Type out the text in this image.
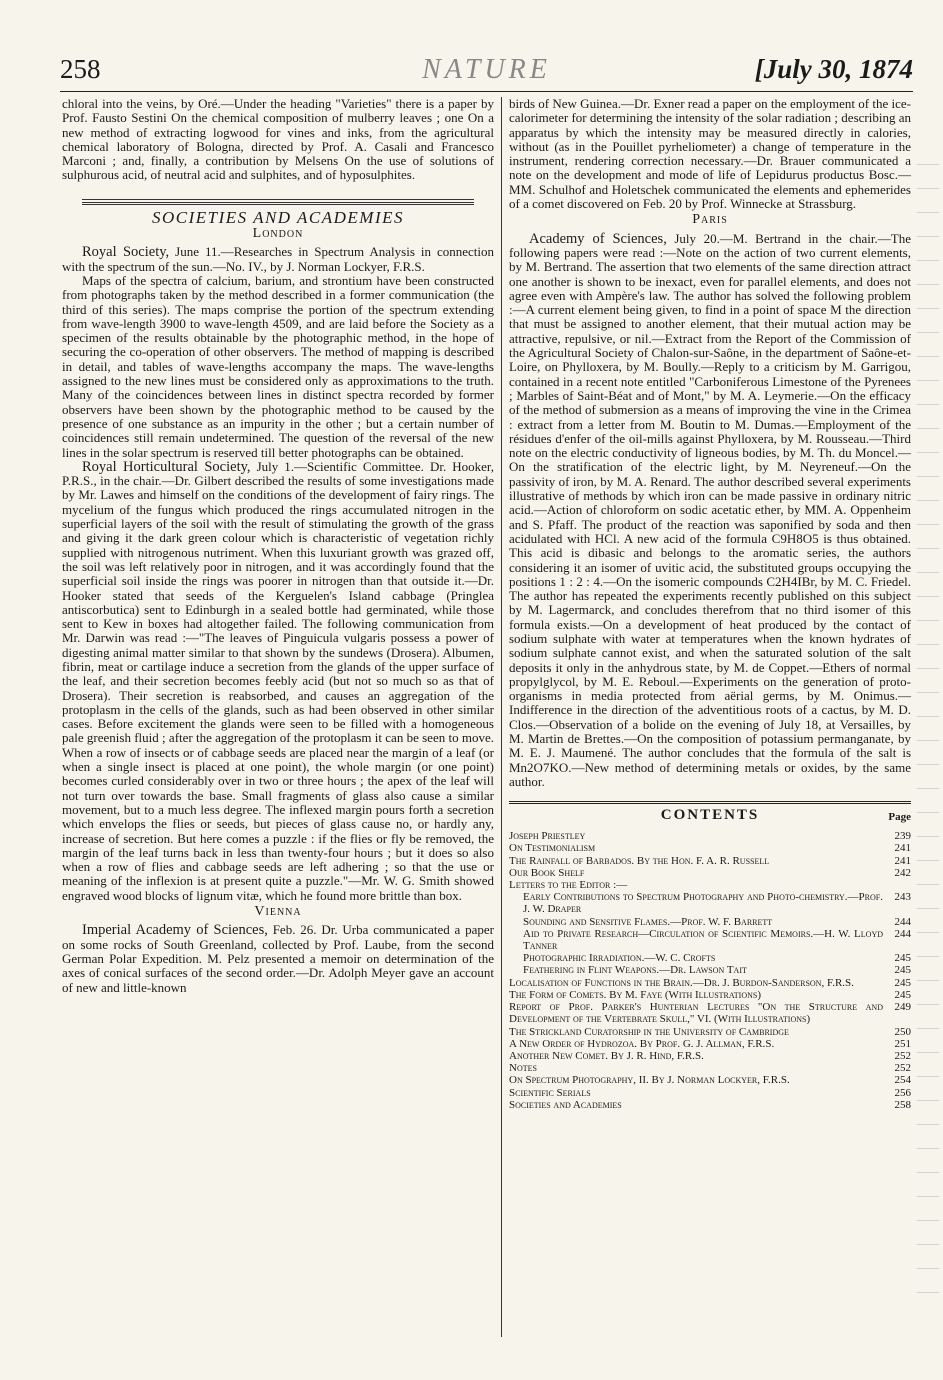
258	NATURE	[July 30, 1874

chloral into the veins, by Oré.—Under the heading "Varieties" there is a paper by Prof. Fausto Sestini On the chemical composition of mulberry leaves ; one On a new method of extracting logwood for vines and inks, from the agricultural chemical laboratory of Bologna, directed by Prof. A. Casali and Francesco Marconi ; and, finally, a contribution by Melsens On the use of solutions of sulphurous acid, of neutral acid and sulphites, and of hyposulphites.

SOCIETIES AND ACADEMIES
London

Royal Society, June 11.—Researches in Spectrum Analysis in connection with the spectrum of the sun.—No. IV., by J. Norman Lockyer, F.R.S.

Maps of the spectra of calcium, barium, and strontium have been constructed from photographs taken by the method described in a former communication (the third of this series). The maps comprise the portion of the spectrum extending from wave-length 3900 to wave-length 4509, and are laid before the Society as a specimen of the results obtainable by the photographic method, in the hope of securing the co-operation of other observers. The method of mapping is described in detail, and tables of wave-lengths accompany the maps. The wave-lengths assigned to the new lines must be considered only as approximations to the truth. Many of the coincidences between lines in distinct spectra recorded by former observers have been shown by the photographic method to be caused by the presence of one substance as an impurity in the other ; but a certain number of coincidences still remain undetermined. The question of the reversal of the new lines in the solar spectrum is reserved till better photographs can be obtained.

Royal Horticultural Society, July 1.—Scientific Committee. Dr. Hooker, P.R.S., in the chair.—Dr. Gilbert described the results of some investigations made by Mr. Lawes and himself on the conditions of the development of fairy rings. The mycelium of the fungus which produced the rings accumulated nitrogen in the superficial layers of the soil with the result of stimulating the growth of the grass and giving it the dark green colour which is characteristic of vegetation richly supplied with nitrogenous nutriment. When this luxuriant growth was grazed off, the soil was left relatively poor in nitrogen, and it was accordingly found that the superficial soil inside the rings was poorer in nitrogen than that outside it.—Dr. Hooker stated that seeds of the Kerguelen's Island cabbage (Pringlea antiscorbutica) sent to Edinburgh in a sealed bottle had germinated, while those sent to Kew in boxes had altogether failed. The following communication from Mr. Darwin was read :—"The leaves of Pinguicula vulgaris possess a power of digesting animal matter similar to that shown by the sundews (Drosera). Albumen, fibrin, meat or cartilage induce a secretion from the glands of the upper surface of the leaf, and their secretion becomes feebly acid (but not so much so as that of Drosera). Their secretion is reabsorbed, and causes an aggregation of the protoplasm in the cells of the glands, such as had been observed in other similar cases. Before excitement the glands were seen to be filled with a homogeneous pale greenish fluid ; after the aggregation of the protoplasm it can be seen to move. When a row of insects or of cabbage seeds are placed near the margin of a leaf (or when a single insect is placed at one point), the whole margin (or one point) becomes curled considerably over in two or three hours ; the apex of the leaf will not turn over towards the base. Small fragments of glass also cause a similar movement, but to a much less degree. The inflexed margin pours forth a secretion which envelops the flies or seeds, but pieces of glass cause no, or hardly any, increase of secretion. But here comes a puzzle : if the flies or fly be removed, the margin of the leaf turns back in less than twenty-four hours ; but it does so also when a row of flies and cabbage seeds are left adhering ; so that the use or meaning of the inflexion is at present quite a puzzle."—Mr. W. G. Smith showed engraved wood blocks of lignum vitæ, which he found more brittle than box.

Vienna

Imperial Academy of Sciences, Feb. 26. Dr. Urba communicated a paper on some rocks of South Greenland, collected by Prof. Laube, from the second German Polar Expedition. M. Pelz presented a memoir on determination of the axes of conical surfaces of the second order.—Dr. Adolph Meyer gave an account of new and little-known

birds of New Guinea.—Dr. Exner read a paper on the employment of the ice-calorimeter for determining the intensity of the solar radiation ; describing an apparatus by which the intensity may be measured directly in calories, without (as in the Pouillet pyrheliometer) a change of temperature in the instrument, rendering correction necessary.—Dr. Brauer communicated a note on the development and mode of life of Lepidurus productus Bosc.—MM. Schulhof and Holetschek communicated the elements and ephemerides of a comet discovered on Feb. 20 by Prof. Winnecke at Strassburg.

Paris

Academy of Sciences, July 20.—M. Bertrand in the chair.—The following papers were read :—Note on the action of two current elements, by M. Bertrand. The assertion that two elements of the same direction attract one another is shown to be inexact, even for parallel elements, and does not agree even with Ampère's law. The author has solved the following problem :—A current element being given, to find in a point of space M the direction that must be assigned to another element, that their mutual action may be attractive, repulsive, or nil.—Extract from the Report of the Commission of the Agricultural Society of Chalon-sur-Saône, in the department of Saône-et-Loire, on Phylloxera, by M. Boully.—Reply to a criticism by M. Garrigou, contained in a recent note entitled "Carboniferous Limestone of the Pyrenees ; Marbles of Saint-Béat and of Mont," by M. A. Leymerie.—On the efficacy of the method of submersion as a means of improving the vine in the Crimea : extract from a letter from M. Boutin to M. Dumas.—Employment of the résidues d'enfer of the oil-mills against Phylloxera, by M. Rousseau.—Third note on the electric conductivity of ligneous bodies, by M. Th. du Moncel.—On the stratification of the electric light, by M. Neyreneuf.—On the passivity of iron, by M. A. Renard. The author described several experiments illustrative of methods by which iron can be made passive in ordinary nitric acid.—Action of chloroform on sodic acetatic ether, by MM. A. Oppenheim and S. Pfaff. The product of the reaction was saponified by soda and then acidulated with HCl. A new acid of the formula C9H8O5 is thus obtained. This acid is dibasic and belongs to the aromatic series, the authors considering it an isomer of uvitic acid, the substituted groups occupying the positions 1 : 2 : 4.—On the isomeric compounds C2H4IBr, by M. C. Friedel. The author has repeated the experiments recently published on this subject by M. Lagermarck, and concludes therefrom that no third isomer of this formula exists.—On a development of heat produced by the contact of sodium sulphate with water at temperatures when the known hydrates of sodium sulphate cannot exist, and when the saturated solution of the salt deposits it only in the anhydrous state, by M. de Coppet.—Ethers of normal propylglycol, by M. E. Reboul.—Experiments on the generation of proto-organisms in media protected from aërial germs, by M. Onimus.—Indifference in the direction of the adventitious roots of a cactus, by M. D. Clos.—Observation of a bolide on the evening of July 18, at Versailles, by M. Martin de Brettes.—On the composition of potassium permanganate, by M. E. J. Maumené. The author concludes that the formula of the salt is Mn2O7KO.—New method of determining metals or oxides, by the same author.

CONTENTS	Page
Joseph Priestley	239
On Testimonialism	241
The Rainfall of Barbados. By the Hon. F. A. R. Russell	241
Our Book Shelf	242
Letters to the Editor :—
Early Contributions to Spectrum Photography and Photo-chemistry.—Prof. J. W. Draper
243
Sounding and Sensitive Flames.—Prof. W. F. Barrett	244
Aid to Private Research—Circulation of Scientific Memoirs.—H. W. Lloyd Tanner
244
Photographic Irradiation.—W. C. Crofts	245
Feathering in Flint Weapons.—Dr. Lawson Tait	245
Localisation of Functions in the Brain.—Dr. J. Burdon-Sanderson, F.R.S.	245
The Form of Comets. By M. Faye (With Illustrations)	245
Report of Prof. Parker's Hunterian Lectures "On the Structure and Development of the Vertebrate Skull," VI. (With Illustrations)
249
The Strickland Curatorship in the University of Cambridge	250
A New Order of Hydrozoa. By Prof. G. J. Allman, F.R.S.	251
Another New Comet. By J. R. Hind, F.R.S.	252
Notes	252
On Spectrum Photography, II. By J. Norman Lockyer, F.R.S.	254
Scientific Serials	256
Societies and Academies	258
